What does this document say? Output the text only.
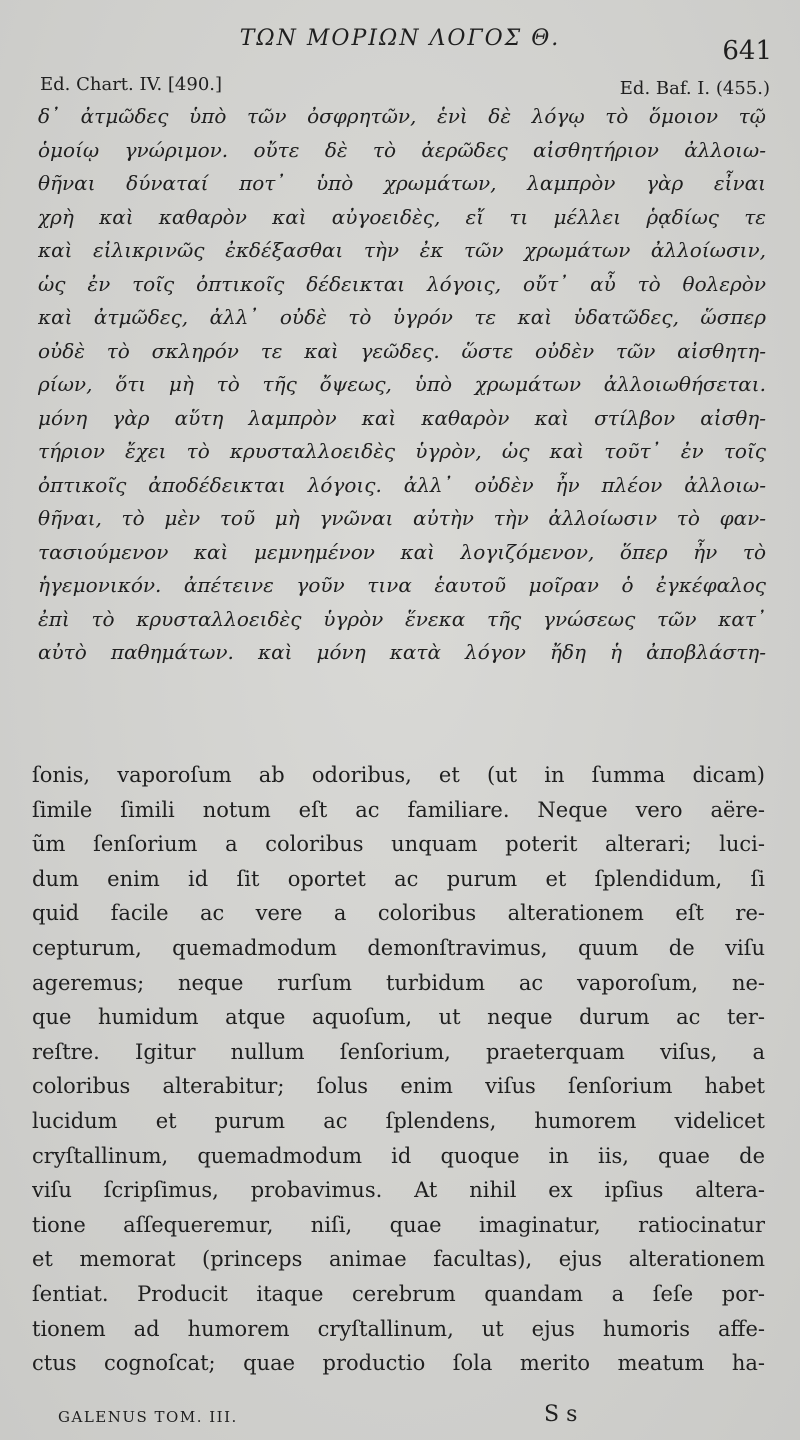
ΤΩΝ ΜΟΡΙΩΝ ΛΟΓΟΣ Θ.	641
Ed. Chart. IV. [490.]	Ed. Baf. I. (455.)
δ᾽ ἀτμῶδες ὑπὸ τῶν ὀσφρητῶν, ἑνὶ δὲ λόγῳ τὸ ὅμοιον τῷ
ὁμοίῳ γνώριμον. οὔτε δὲ τὸ ἀερῶδες αἰσθητήριον ἀλλοιω-
θῆναι δύναταί ποτ᾽ ὑπὸ χρωμάτων, λαμπρὸν γὰρ εἶναι
χρὴ καὶ καθαρὸν καὶ αὐγοειδὲς, εἴ τι μέλλει ῥᾳδίως τε
καὶ εἰλικρινῶς ἐκδέξασθαι τὴν ἐκ τῶν χρωμάτων ἀλλοίωσιν,
ὡς ἐν τοῖς ὀπτικοῖς δέδεικται λόγοις, οὔτ᾽ αὖ τὸ θολερὸν
καὶ ἀτμῶδες, ἀλλ᾽ οὐδὲ τὸ ὑγρόν τε καὶ ὑδατῶδες, ὥσπερ
οὐδὲ τὸ σκληρόν τε καὶ γεῶδες. ὥστε οὐδὲν τῶν αἰσθητη-
ρίων, ὅτι μὴ τὸ τῆς ὄψεως, ὑπὸ χρωμάτων ἀλλοιωθήσεται.
μόνη γὰρ αὕτη λαμπρὸν καὶ καθαρὸν καὶ στίλβον αἰσθη-
τήριον ἔχει τὸ κρυσταλλοειδὲς ὑγρὸν, ὡς καὶ τοῦτ᾽ ἐν τοῖς
ὀπτικοῖς ἀποδέδεικται λόγοις. ἀλλ᾽ οὐδὲν ἦν πλέον ἀλλοιω-
θῆναι, τὸ μὲν τοῦ μὴ γνῶναι αὐτὴν τὴν ἀλλοίωσιν τὸ φαν-
τασιούμενον καὶ μεμνημένον καὶ λογιζόμενον, ὅπερ ἦν τὸ
ἡγεμονικόν. ἀπέτεινε γοῦν τινα ἑαυτοῦ μοῖραν ὁ ἐγκέφαλος
ἐπὶ τὸ κρυσταλλοειδὲς ὑγρὸν ἕνεκα τῆς γνώσεως τῶν κατ᾽
αὐτὸ παθημάτων. καὶ μόνη κατὰ λόγον ἤδη ἡ ἀποβλάστη-
ſonis, vaporoſum ab odoribus, et (ut in ſumma dicam)
ſimile ſimili notum eſt ac familiare. Neque vero aëre-
ũm ſenſorium a coloribus unquam poterit alterari; luci-
dum enim id ſit oportet ac purum et ſplendidum, ſi
quid facile ac vere a coloribus alterationem eſt re-
cepturum, quemadmodum demonſtravimus, quum de viſu
ageremus; neque rurſum turbidum ac vaporoſum, ne-
que humidum atque aquoſum, ut neque durum ac ter-
reſtre. Igitur nullum ſenſorium, praeterquam viſus, a
coloribus alterabitur; ſolus enim viſus ſenſorium habet
lucidum et purum ac ſplendens, humorem videlicet
cryſtallinum, quemadmodum id quoque in iis, quae de
viſu ſcripſimus, probavimus. At nihil ex ipſius altera-
tione aſſequeremur, niſi, quae imaginatur, ratiocinatur
et memorat (princeps animae facultas), ejus alterationem
ſentiat. Producit itaque cerebrum quandam a ſeſe por-
tionem ad humorem cryſtallinum, ut ejus humoris affe-
ctus cognoſcat; quae productio ſola merito meatum ha-
GALENUS TOM. III.	S s
